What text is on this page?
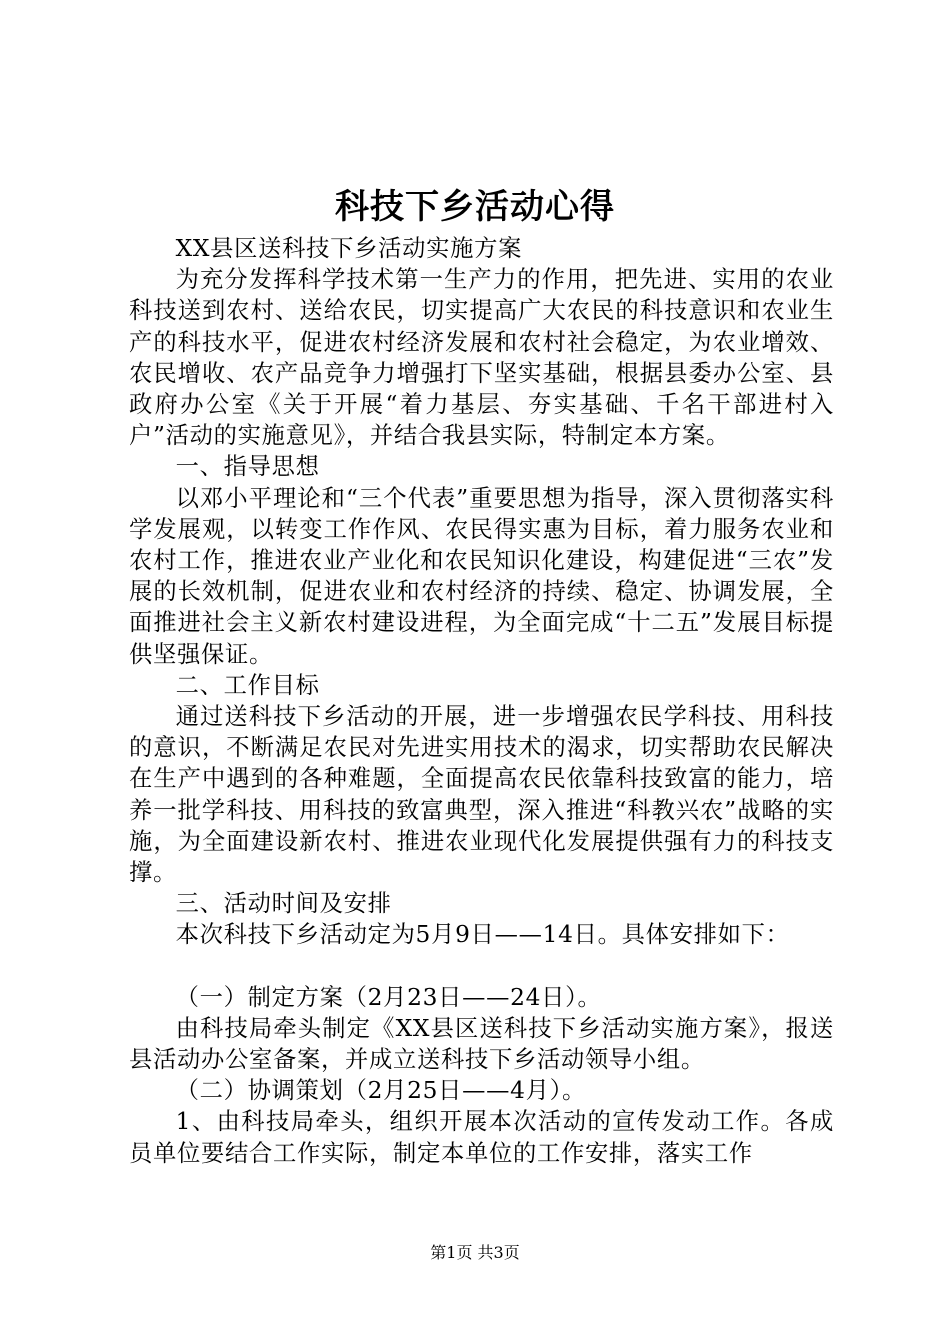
科技下乡活动心得

XX县区送科技下乡活动实施方案

为充分发挥科学技术第一生产力的作用，把先进、实用的农业科技送到农村、送给农民，切实提高广大农民的科技意识和农业生产的科技水平，促进农村经济发展和农村社会稳定，为农业增效、农民增收、农产品竞争力增强打下坚实基础，根据县委办公室、县政府办公室《关于开展“着力基层、夯实基础、千名干部进村入户”活动的实施意见》，并结合我县实际，特制定本方案。

一、指导思想

以邓小平理论和“三个代表”重要思想为指导，深入贯彻落实科学发展观，以转变工作作风、农民得实惠为目标，着力服务农业和农村工作，推进农业产业化和农民知识化建设，构建促进“三农”发展的长效机制，促进农业和农村经济的持续、稳定、协调发展，全面推进社会主义新农村建设进程，为全面完成“十二五”发展目标提供坚强保证。

二、工作目标

通过送科技下乡活动的开展，进一步增强农民学科技、用科技的意识，不断满足农民对先进实用技术的渴求，切实帮助农民解决在生产中遇到的各种难题，全面提高农民依靠科技致富的能力，培养一批学科技、用科技的致富典型，深入推进“科教兴农”战略的实施，为全面建设新农村、推进农业现代化发展提供强有力的科技支撑。

三、活动时间及安排

本次科技下乡活动定为5月9日——14日。具体安排如下：

（一）制定方案（2月23日——24日）。

由科技局牵头制定《XX县区送科技下乡活动实施方案》，报送县活动办公室备案，并成立送科技下乡活动领导小组。

（二）协调策划（2月25日——4月）。

1、由科技局牵头，组织开展本次活动的宣传发动工作。各成员单位要结合工作实际，制定本单位的工作安排，落实工作

第1页 共3页
